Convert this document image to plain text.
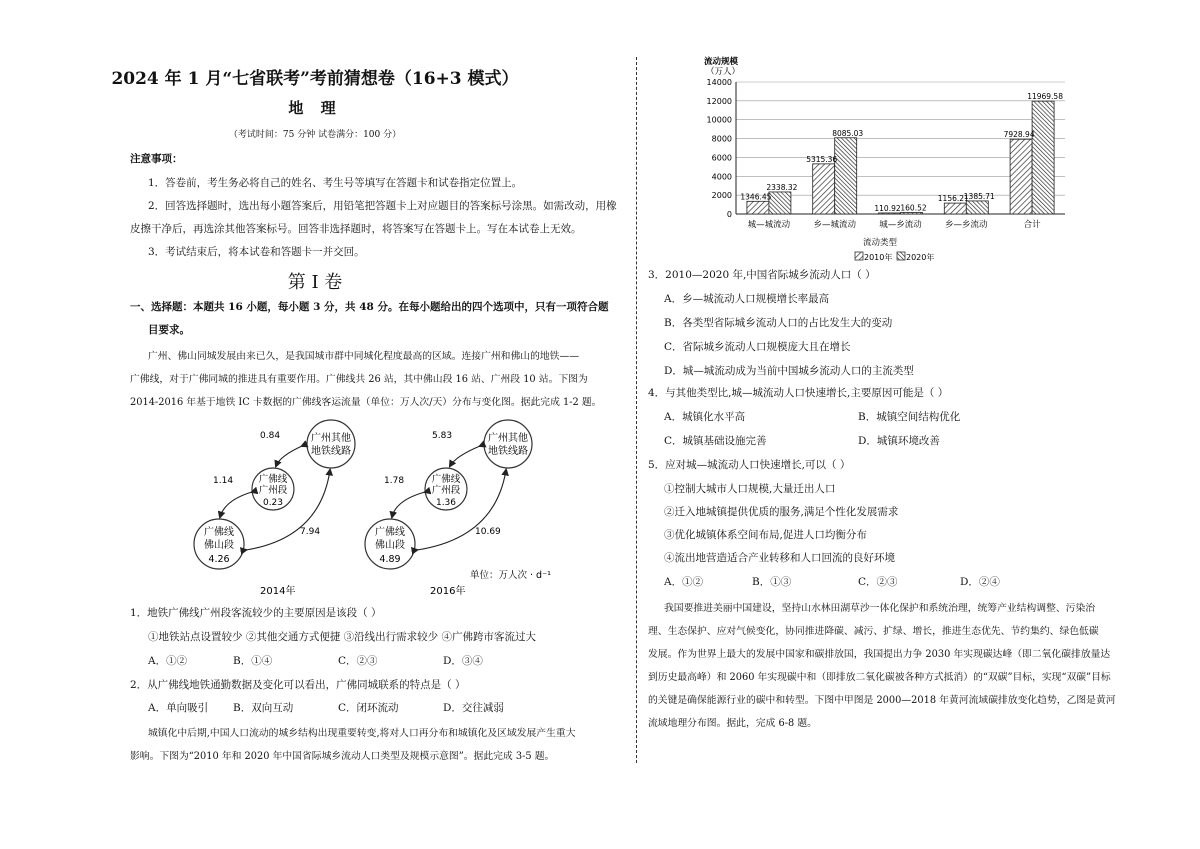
2024 年 1 月“七省联考”考前猜想卷（16+3 模式）
地 理
（考试时间：75 分钟 试卷满分：100 分）
注意事项：
1．答卷前，考生务必将自己的姓名、考生号等填写在答题卡和试卷指定位置上。
2．回答选择题时，选出每小题答案后，用铅笔把答题卡上对应题目的答案标号涂黑。如需改动，用橡
皮擦干净后，再选涂其他答案标号。回答非选择题时，将答案写在答题卡上。写在本试卷上无效。
3．考试结束后，将本试卷和答题卡一并交回。
第 I 卷
一、选择题：本题共 16 小题，每小题 3 分，共 48 分。在每小题给出的四个选项中，只有一项符合题
目要求。
广州、佛山同城发展由来已久，是我国城市群中同城化程度最高的区域。连接广州和佛山的地铁——
广佛线，对于广佛同城的推进具有重要作用。广佛线共 26 站，其中佛山段 16 站、广州段 10 站。下图为
2014-2016 年基于地铁 IC 卡数据的广佛线客运流量（单位：万人次/天）分布与变化图。据此完成 1-2 题。
广州其他
地铁线路
广佛线
广州段
0.23
广佛线
佛山段
4.26
0.84
1.14
7.94
2014年
广州其他
地铁线路
广佛线
广州段
1.36
广佛线
佛山段
4.89
5.83
1.78
10.69
2016年
单位：万人次 · d⁻¹
1．地铁广佛线广州段客流较少的主要原因是该段（ ）
①地铁站点设置较少 ②其他交通方式便捷 ③沿线出行需求较少 ④广佛跨市客流过大
A．①②	B．①④	C．②③	D．③④
2．从广佛线地铁通勤数据及变化可以看出，广佛同城联系的特点是（ ）
A．单向吸引 B．双向互动	C．闭环流动	D．交往减弱
城镇化中后期,中国人口流动的城乡结构出现重要转变,将对人口再分布和城镇化及区域发展产生重大
影响。下图为“2010 年和 2020 年中国省际城乡流动人口类型及规模示意图”。据此完成 3-5 题。
流动规模
（万人）
0
2000
4000
6000
8000
10000
12000
14000
1346.45
2338.32
5315.36
8085.03
110.92 160.52
1156.21
1385.71
7928.94
11969.58
城—城流动	乡—城流动	城—乡流动	乡—乡流动	合计
流动类型
2010年 2020年
3．2010—2020 年,中国省际城乡流动人口（ ）
A．乡—城流动人口规模增长率最高
B．各类型省际城乡流动人口的占比发生大的变动
C．省际城乡流动人口规模庞大且在增长
D．城—城流动成为当前中国城乡流动人口的主流类型
4．与其他类型比,城—城流动人口快速增长,主要原因可能是（ ）
A．城镇化水平高	B．城镇空间结构优化
C．城镇基础设施完善	D．城镇环境改善
5．应对城—城流动人口快速增长,可以（ ）
①控制大城市人口规模,大量迁出人口
②迁入地城镇提供优质的服务,满足个性化发展需求
③优化城镇体系空间布局,促进人口均衡分布
④流出地营造适合产业转移和人口回流的良好环境
A．①②	B．①③	C．②③	D．②④
我国要推进美丽中国建设，坚持山水林田湖草沙一体化保护和系统治理，统筹产业结构调整、污染治
理、生态保护、应对气候变化，协同推进降碳、减污、扩绿、增长，推进生态优先、节约集约、绿色低碳
发展。作为世界上最大的发展中国家和碳排放国，我国提出力争 2030 年实现碳达峰（即二氧化碳排放量达
到历史最高峰）和 2060 年实现碳中和（即排放二氧化碳被各种方式抵消）的“双碳”目标，实现“双碳”目标
的关键是确保能源行业的碳中和转型。下图中甲图是 2000—2018 年黄河流域碳排放变化趋势，乙图是黄河
流域地理分布图。据此，完成 6-8 题。
